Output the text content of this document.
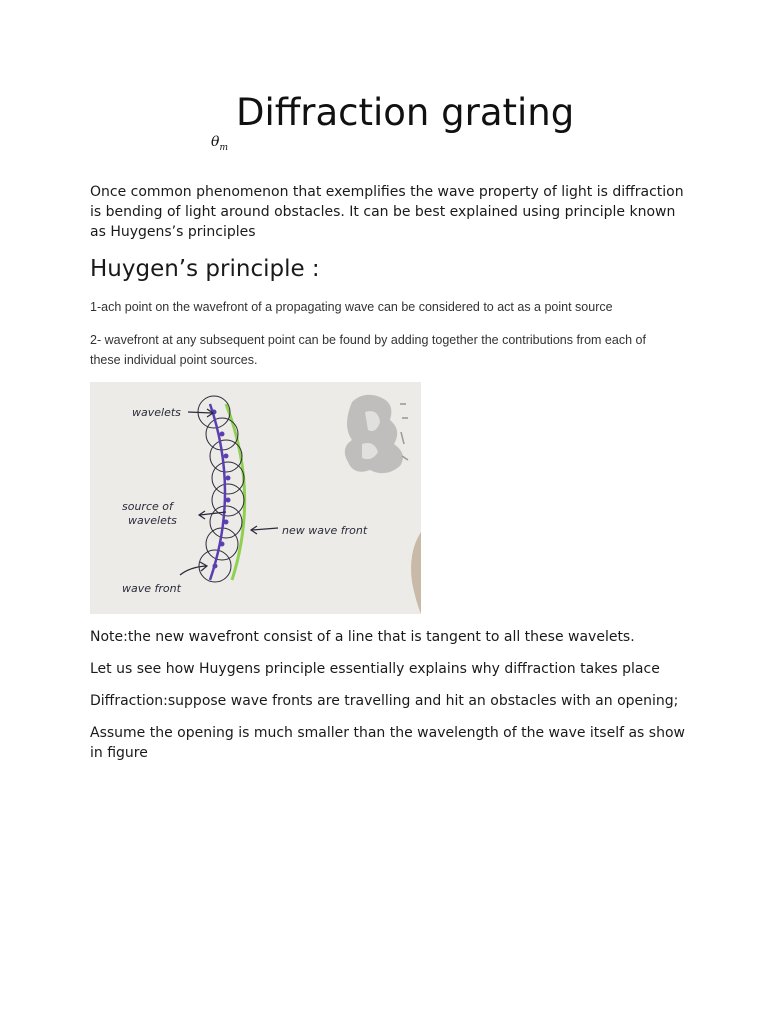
Diffraction grating
$\theta_m$

Once common phenomenon that exemplifies the wave property of light is diffraction is bending of light around obstacles. It can be best explained using principle known as Huygens’s principles

Huygen’s principle :

1-ach point on the wavefront of a propagating wave can be considered to act as a point source

2- wavefront at any subsequent point can be found by adding together the contributions from each of these individual point sources.

wavelets
source of
wavelets
new wave front
wave front

Note:the new wavefront consist of a line that is tangent to all these wavelets.

Let us see how Huygens principle essentially explains why diffraction takes place

Diffraction:suppose wave fronts are travelling and hit an obstacles with an opening;

Assume the opening is much smaller than the wavelength of the wave itself as show in figure
